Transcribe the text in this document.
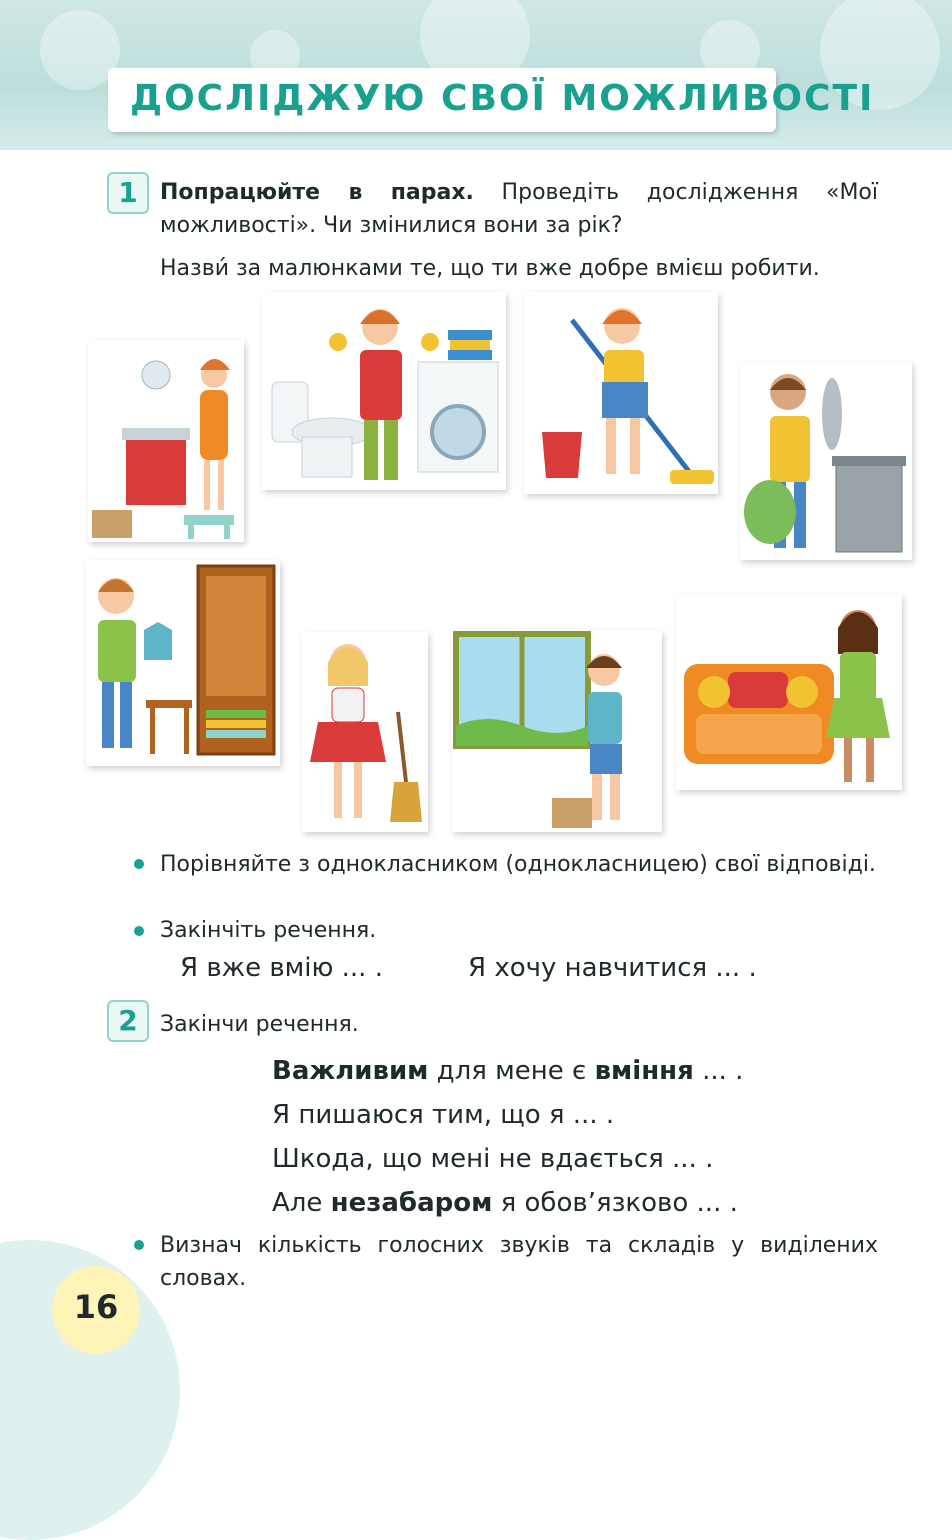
ДОСЛІДЖУЮ СВОЇ МОЖЛИВОСТІ
1	Попрацюйте в парах. Проведіть дослідження «Мої можливості». Чи змінилися вони за рік?
Назви́ за малюнками те, що ти вже добре вмієш робити.
Порівняйте з однокласником (однокласницею) свої відповіді.
Закінчіть речення.
Я вже вмію ... .	Я хочу навчитися ... .
2	Закінчи речення.
Важливим для мене є вміння ... .
Я пишаюся тим, що я ... .
Шкода, що мені не вдається ... .
Але незабаром я обов’язково ... .
Визнач кількість голосних звуків та складів у виділених словах.
16
